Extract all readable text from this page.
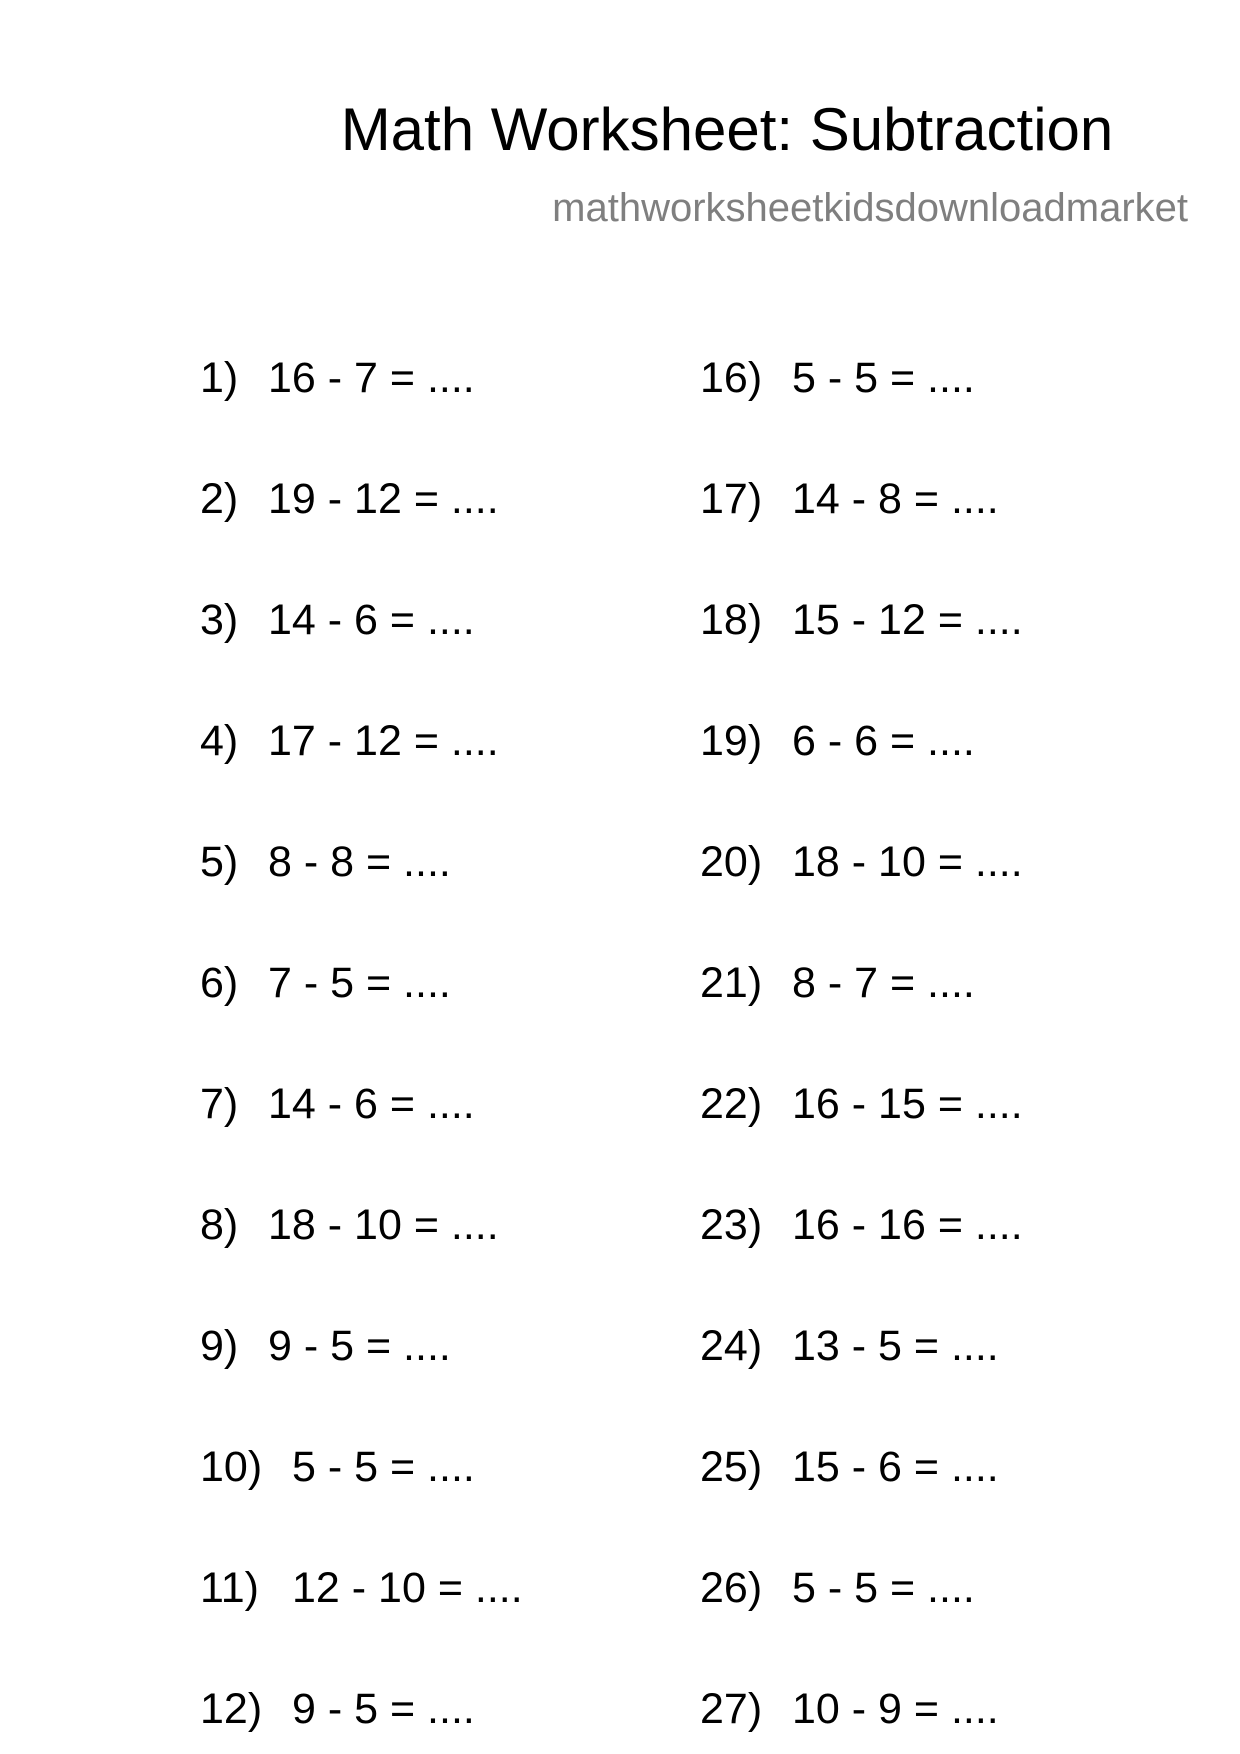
Math Worksheet: Subtraction
mathworksheetkidsdownloadmarket
1) 16 - 7 = ....
2) 19 - 12 = ....
3) 14 - 6 = ....
4) 17 - 12 = ....
5) 8 - 8 = ....
6) 7 - 5 = ....
7) 14 - 6 = ....
8) 18 - 10 = ....
9) 9 - 5 = ....
10) 5 - 5 = ....
11) 12 - 10 = ....
12) 9 - 5 = ....
16) 5 - 5 = ....
17) 14 - 8 = ....
18) 15 - 12 = ....
19) 6 - 6 = ....
20) 18 - 10 = ....
21) 8 - 7 = ....
22) 16 - 15 = ....
23) 16 - 16 = ....
24) 13 - 5 = ....
25) 15 - 6 = ....
26) 5 - 5 = ....
27) 10 - 9 = ....
